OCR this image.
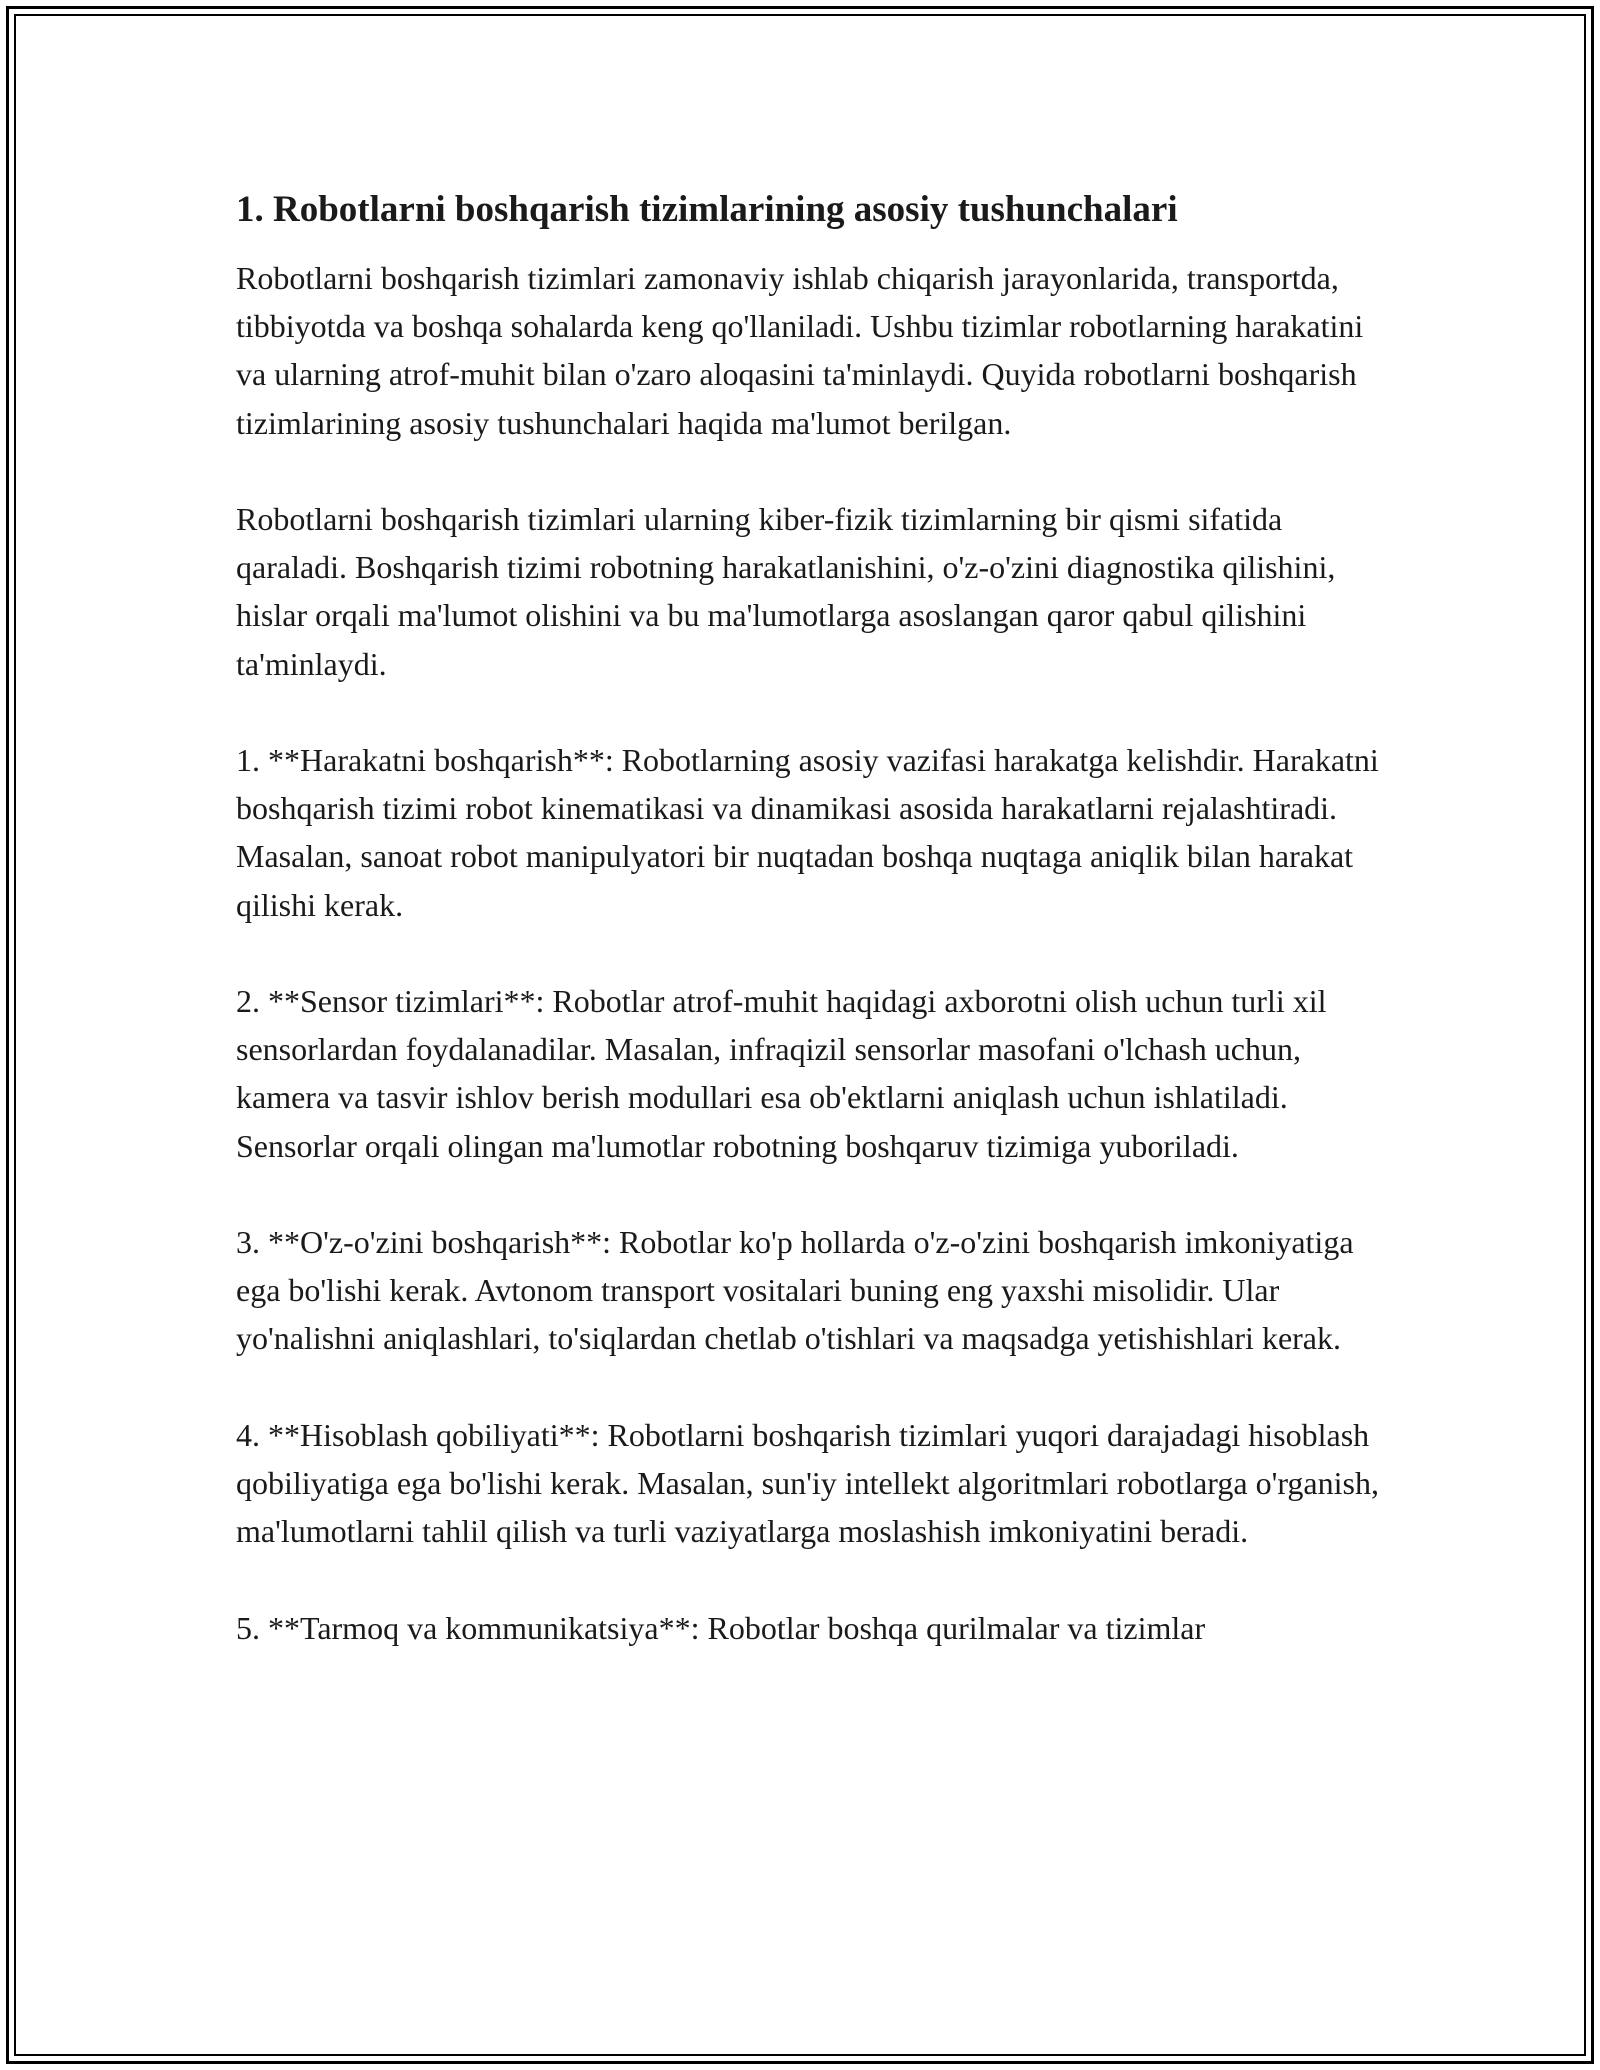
1. Robotlarni boshqarish tizimlarining asosiy tushunchalari

Robotlarni boshqarish tizimlari zamonaviy ishlab chiqarish jarayonlarida, transportda, tibbiyotda va boshqa sohalarda keng qo'llaniladi. Ushbu tizimlar robotlarning harakatini va ularning atrof-muhit bilan o'zaro aloqasini ta'minlaydi. Quyida robotlarni boshqarish tizimlarining asosiy tushunchalari haqida ma'lumot berilgan.

Robotlarni boshqarish tizimlari ularning kiber-fizik tizimlarning bir qismi sifatida qaraladi. Boshqarish tizimi robotning harakatlanishini, o'z-o'zini diagnostika qilishini, hislar orqali ma'lumot olishini va bu ma'lumotlarga asoslangan qaror qabul qilishini ta'minlaydi.

1. **Harakatni boshqarish**: Robotlarning asosiy vazifasi harakatga kelishdir. Harakatni boshqarish tizimi robot kinematikasi va dinamikasi asosida harakatlarni rejalashtiradi. Masalan, sanoat robot manipulyatori bir nuqtadan boshqa nuqtaga aniqlik bilan harakat qilishi kerak.

2. **Sensor tizimlari**: Robotlar atrof-muhit haqidagi axborotni olish uchun turli xil sensorlardan foydalanadilar. Masalan, infraqizil sensorlar masofani o'lchash uchun, kamera va tasvir ishlov berish modullari esa ob'ektlarni aniqlash uchun ishlatiladi. Sensorlar orqali olingan ma'lumotlar robotning boshqaruv tizimiga yuboriladi.

3. **O'z-o'zini boshqarish**: Robotlar ko'p hollarda o'z-o'zini boshqarish imkoniyatiga ega bo'lishi kerak. Avtonom transport vositalari buning eng yaxshi misolidir. Ular yo'nalishni aniqlashlari, to'siqlardan chetlab o'tishlari va maqsadga yetishishlari kerak.

4. **Hisoblash qobiliyati**: Robotlarni boshqarish tizimlari yuqori darajadagi hisoblash qobiliyatiga ega bo'lishi kerak. Masalan, sun'iy intellekt algoritmlari robotlarga o'rganish, ma'lumotlarni tahlil qilish va turli vaziyatlarga moslashish imkoniyatini beradi.

5. **Tarmoq va kommunikatsiya**: Robotlar boshqa qurilmalar va tizimlar
